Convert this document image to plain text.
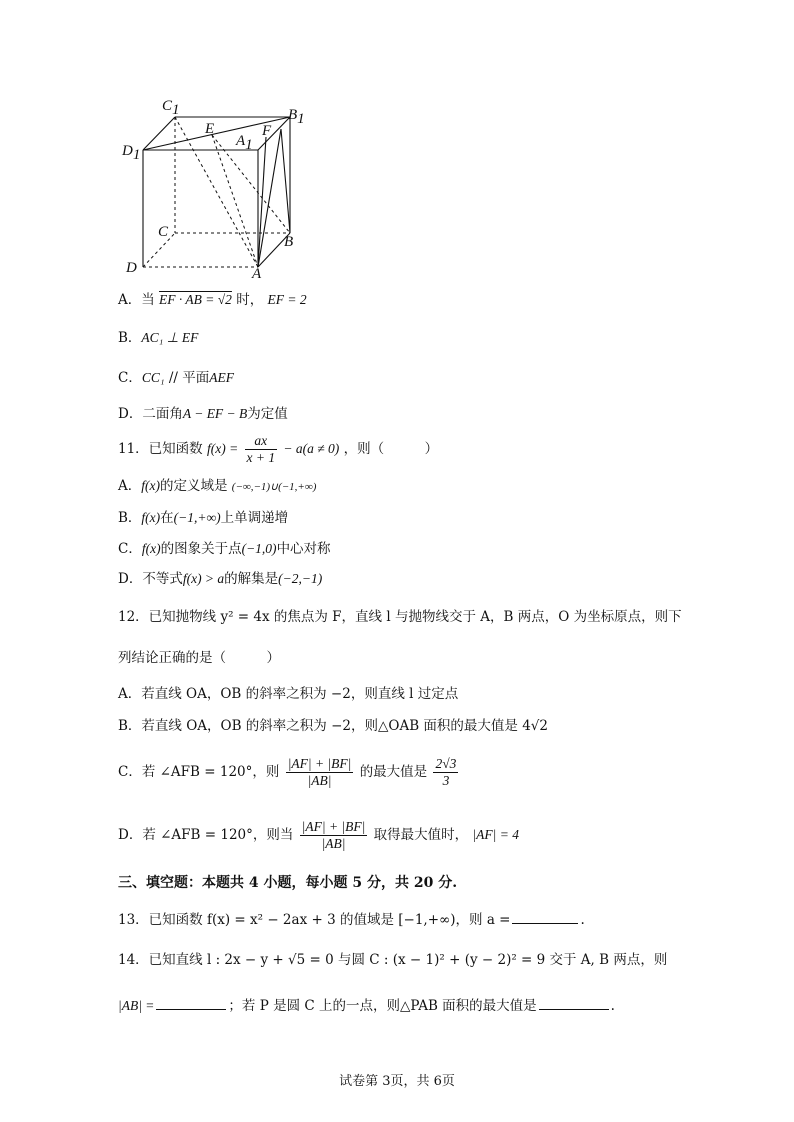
C1	B1
D1
A1
E	F
C
B
D	A
A．当 EF · AB = √2 时， EF = 2
B．AC₁ ⊥ EF
C．CC₁ // 平面AEF
D．二面角A − EF − B为定值
11．已知函数 $f(x) = \frac{ax}{x + 1} - a(a \ne 0)$ ，则（　　　）
A．f(x)的定义域是 (−∞,−1)∪(−1,+∞)
B．f(x)在(−1,+∞)上单调递增
C．f(x)的图象关于点(−1,0)中心对称
D．不等式f(x) > a的解集是(−2,−1)
12．已知抛物线 y² = 4x 的焦点为 F，直线 l 与抛物线交于 A，B 两点，O 为坐标原点，则下
列结论正确的是（　　　）
A．若直线 OA，OB 的斜率之积为 −2，则直线 l 过定点
B．若直线 OA，OB 的斜率之积为 −2，则△OAB 面积的最大值是 4√2
C．若 ∠AFB = 120°，则 $\frac{|AF| + |BF|}{|AB|}$ 的最大值是 $\frac{2√3}{3}$
D．若 ∠AFB = 120°，则当 $\frac{|AF| + |BF|}{|AB|}$ 取得最大值时， |AF| = 4
三、填空题：本题共 4 小题，每小题 5 分，共 20 分.
13．已知函数 f(x) = x² − 2ax + 3 的值域是 [−1,+∞)，则 a =	.
14．已知直线 l : 2x − y + √5 = 0 与圆 C : (x − 1)² + (y − 2)² = 9 交于 A, B 两点，则
|AB| =	；若 P 是圆 C 上的一点，则△PAB 面积的最大值是	.
试卷第 3页，共 6页
